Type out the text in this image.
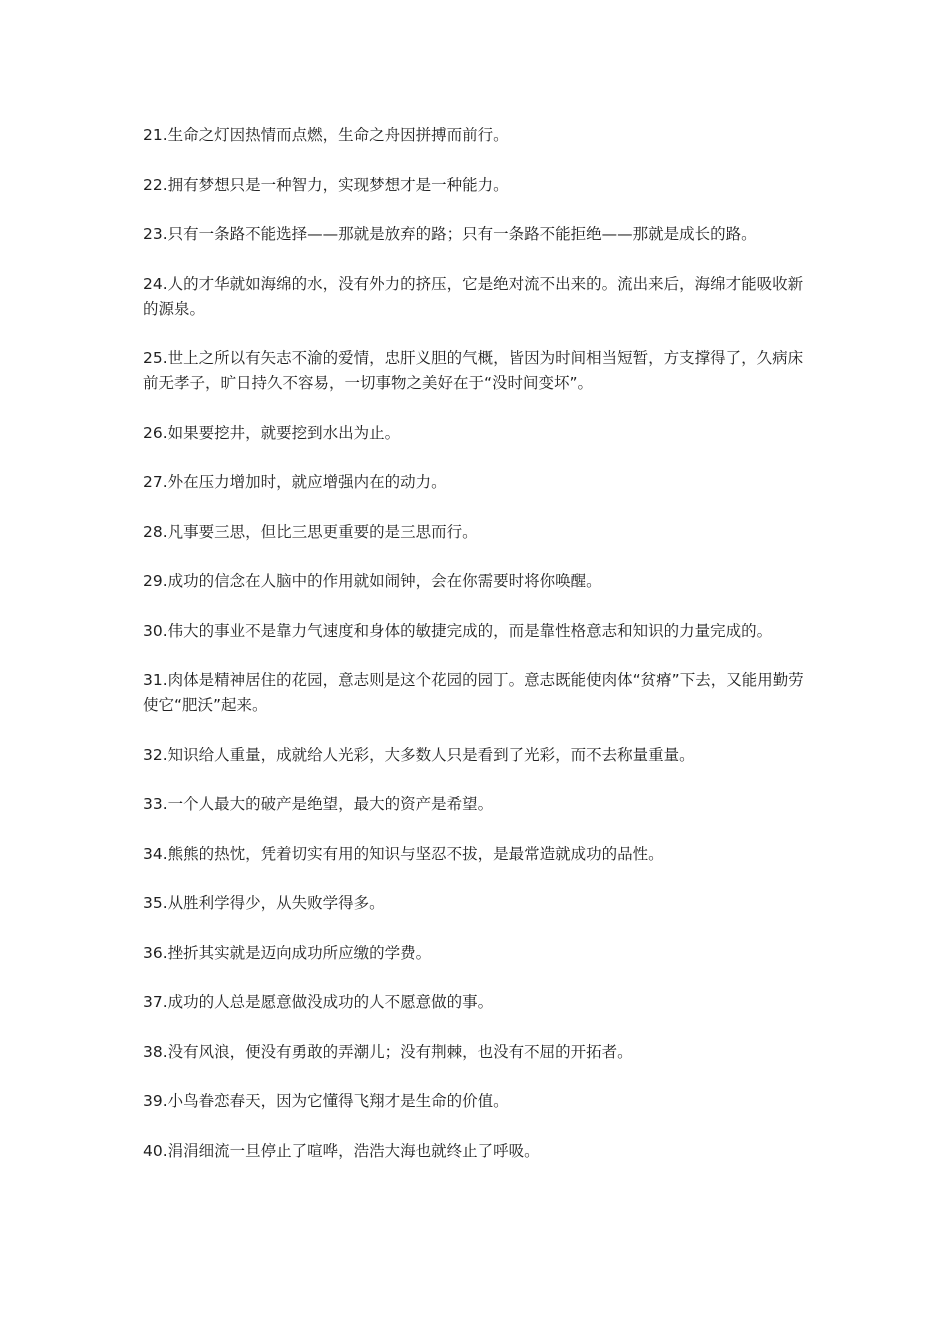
21.生命之灯因热情而点燃，生命之舟因拼搏而前行。

22.拥有梦想只是一种智力，实现梦想才是一种能力。

23.只有一条路不能选择——那就是放弃的路；只有一条路不能拒绝——那就是成长的路。

24.人的才华就如海绵的水，没有外力的挤压，它是绝对流不出来的。流出来后，海绵才能吸收新的源泉。

25.世上之所以有矢志不渝的爱情，忠肝义胆的气概，皆因为时间相当短暂，方支撑得了，久病床前无孝子，旷日持久不容易，一切事物之美好在于“没时间变坏”。

26.如果要挖井，就要挖到水出为止。

27.外在压力增加时，就应增强内在的动力。

28.凡事要三思，但比三思更重要的是三思而行。

29.成功的信念在人脑中的作用就如闹钟，会在你需要时将你唤醒。

30.伟大的事业不是靠力气速度和身体的敏捷完成的，而是靠性格意志和知识的力量完成的。

31.肉体是精神居住的花园，意志则是这个花园的园丁。意志既能使肉体“贫瘠”下去，又能用勤劳使它“肥沃”起来。

32.知识给人重量，成就给人光彩，大多数人只是看到了光彩，而不去称量重量。

33.一个人最大的破产是绝望，最大的资产是希望。

34.熊熊的热忱，凭着切实有用的知识与坚忍不拔，是最常造就成功的品性。

35.从胜利学得少，从失败学得多。

36.挫折其实就是迈向成功所应缴的学费。

37.成功的人总是愿意做没成功的人不愿意做的事。

38.没有风浪，便没有勇敢的弄潮儿；没有荆棘，也没有不屈的开拓者。

39.小鸟眷恋春天，因为它懂得飞翔才是生命的价值。

40.涓涓细流一旦停止了喧哗，浩浩大海也就终止了呼吸。
